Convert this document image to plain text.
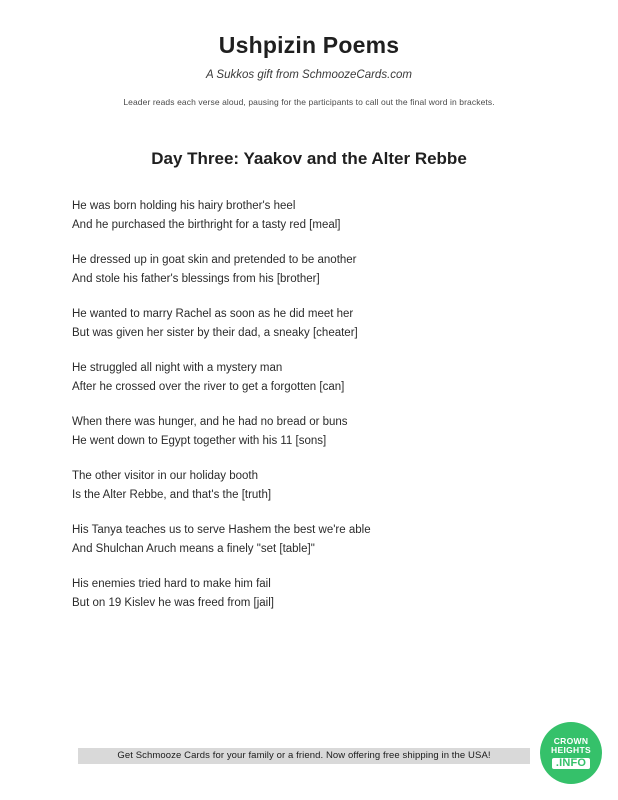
Ushpizin Poems

A Sukkos gift from SchmoozeCards.com

Leader reads each verse aloud, pausing for the participants to call out the final word in brackets.

Day Three: Yaakov and the Alter Rebbe
He was born holding his hairy brother's heel
And he purchased the birthright for a tasty red [meal]
He dressed up in goat skin and pretended to be another
And stole his father's blessings from his [brother]
He wanted to marry Rachel as soon as he did meet her
But was given her sister by their dad, a sneaky [cheater]
He struggled all night with a mystery man
After he crossed over the river to get a forgotten [can]
When there was hunger, and he had no bread or buns
He went down to Egypt together with his 11 [sons]
The other visitor in our holiday booth
Is the Alter Rebbe, and that's the [truth]
His Tanya teaches us to serve Hashem the best we're able
And Shulchan Aruch means a finely "set [table]"
His enemies tried hard to make him fail
But on 19 Kislev he was freed from [jail]
Get Schmooze Cards for your family or a friend. Now offering free shipping in the USA!
CROWN
HEIGHTS
.INFO
